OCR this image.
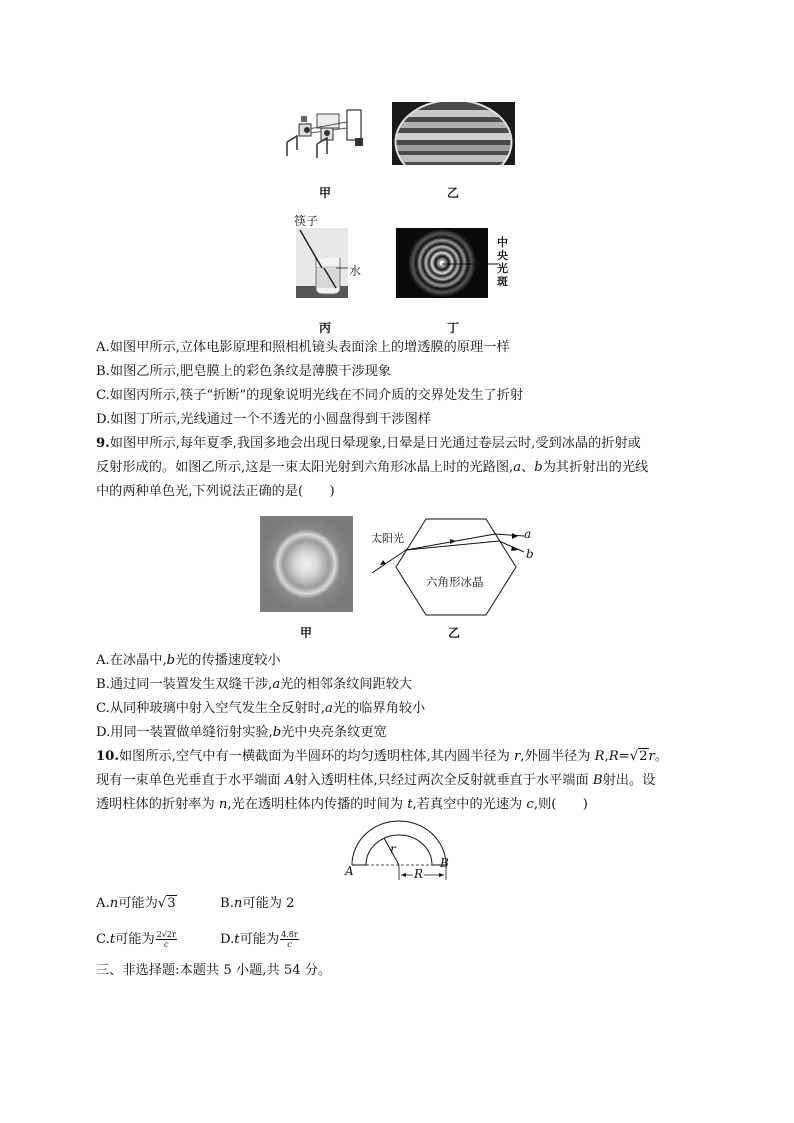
甲	乙
筷子
水
中
央
光
斑
丙	丁
A.如图甲所示,立体电影原理和照相机镜头表面涂上的增透膜的原理一样
B.如图乙所示,肥皂膜上的彩色条纹是薄膜干涉现象
C.如图丙所示,筷子“折断”的现象说明光线在不同介质的交界处发生了折射
D.如图丁所示,光线通过一个不透光的小圆盘得到干涉图样
9.如图甲所示,每年夏季,我国多地会出现日晕现象,日晕是日光通过卷层云时,受到冰晶的折射或
反射形成的。如图乙所示,这是一束太阳光射到六角形冰晶上时的光路图,a、b为其折射出的光线
中的两种单色光,下列说法正确的是(　　)
太阳光
六角形冰晶
a
b
甲	乙
A.在冰晶中,b光的传播速度较小
B.通过同一装置发生双缝干涉,a光的相邻条纹间距较大
C.从同种玻璃中射入空气发生全反射时,a光的临界角较小
D.用同一装置做单缝衍射实验,b光中央亮条纹更宽
10.如图所示,空气中有一横截面为半圆环的均匀透明柱体,其内圆半径为 r,外圆半径为 R,R=√2r。
现有一束单色光垂直于水平端面 A射入透明柱体,只经过两次全反射就垂直于水平端面 B射出。设
透明柱体的折射率为 n,光在透明柱体内传播的时间为 t,若真空中的光速为 c,则(　　)
r
A
B
R
A.n可能为√3	B.n可能为 2
C.t可能为 $\frac{2√2r}{c}$	D.t可能为 $\frac{4.8r}{c}$
三、非选择题:本题共 5 小题,共 54 分。
